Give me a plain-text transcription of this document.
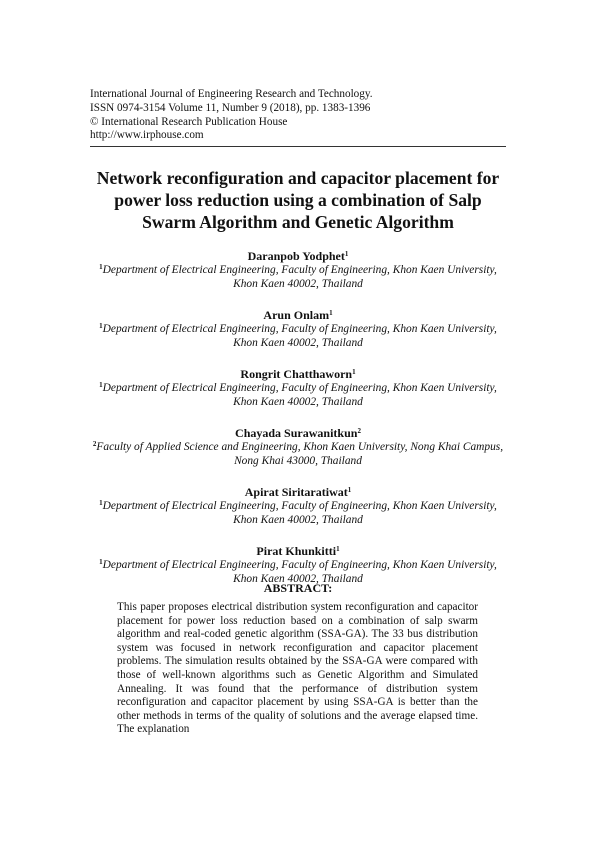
International Journal of Engineering Research and Technology.
ISSN 0974-3154 Volume 11, Number 9 (2018), pp. 1383-1396
© International Research Publication House
http://www.irphouse.com
Network reconfiguration and capacitor placement for power loss reduction using a combination of Salp Swarm Algorithm and Genetic Algorithm
Daranpob Yodphet$^1$
$^1$Department of Electrical Engineering, Faculty of Engineering, Khon Kaen University, Khon Kaen 40002, Thailand
Arun Onlam$^1$
$^1$Department of Electrical Engineering, Faculty of Engineering, Khon Kaen University, Khon Kaen 40002, Thailand
Rongrit Chatthaworn$^1$
$^1$Department of Electrical Engineering, Faculty of Engineering, Khon Kaen University, Khon Kaen 40002, Thailand
Chayada Surawanitkun$^2$
$^2$Faculty of Applied Science and Engineering, Khon Kaen University, Nong Khai Campus, Nong Khai 43000, Thailand
Apirat Siritaratiwat$^1$
$^1$Department of Electrical Engineering, Faculty of Engineering, Khon Kaen University, Khon Kaen 40002, Thailand
Pirat Khunkitti$^1$
$^1$Department of Electrical Engineering, Faculty of Engineering, Khon Kaen University, Khon Kaen 40002, Thailand
ABSTRACT:
This paper proposes electrical distribution system reconfiguration and capacitor placement for power loss reduction based on a combination of salp swarm algorithm and real-coded genetic algorithm (SSA-GA). The 33 bus distribution system was focused in network reconfiguration and capacitor placement problems. The simulation results obtained by the SSA-GA were compared with those of well-known algorithms such as Genetic Algorithm and Simulated Annealing. It was found that the performance of distribution system reconfiguration and capacitor placement by using SSA-GA is better than the other methods in terms of the quality of solutions and the average elapsed time. The explanation
